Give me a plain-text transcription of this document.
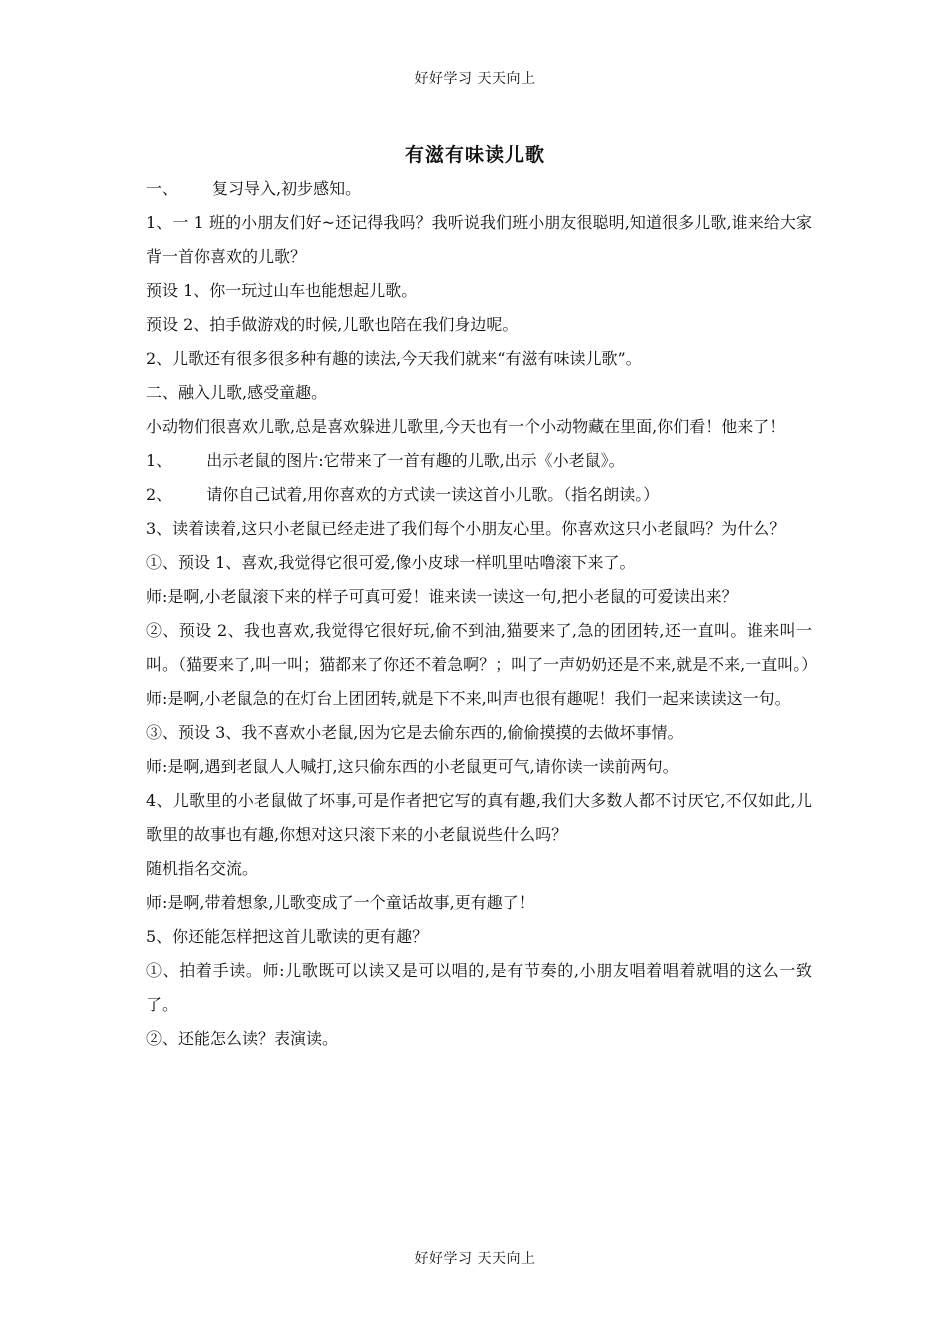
好好学习 天天向上
有滋有味读儿歌

一、 复习导入,初步感知。

1、一 1 班的小朋友们好~还记得我吗？我听说我们班小朋友很聪明,知道很多儿歌,谁来给大家背一首你喜欢的儿歌？

预设 1、你一玩过山车也能想起儿歌。

预设 2、拍手做游戏的时候,儿歌也陪在我们身边呢。

2、儿歌还有很多很多种有趣的读法,今天我们就来“有滋有味读儿歌”。

二、融入儿歌,感受童趣。

小动物们很喜欢儿歌,总是喜欢躲进儿歌里,今天也有一个小动物藏在里面,你们看！他来了！

1、 出示老鼠的图片:它带来了一首有趣的儿歌,出示《小老鼠》。

2、 请你自己试着,用你喜欢的方式读一读这首小儿歌。（指名朗读。）

3、读着读着,这只小老鼠已经走进了我们每个小朋友心里。你喜欢这只小老鼠吗？为什么？

①、预设 1、喜欢,我觉得它很可爱,像小皮球一样叽里咕噜滚下来了。

师:是啊,小老鼠滚下来的样子可真可爱！谁来读一读这一句,把小老鼠的可爱读出来？

②、预设 2、我也喜欢,我觉得它很好玩,偷不到油,猫要来了,急的团团转,还一直叫。谁来叫一叫。（猫要来了,叫一叫；猫都来了你还不着急啊？；叫了一声奶奶还是不来,就是不来,一直叫。）

师:是啊,小老鼠急的在灯台上团团转,就是下不来,叫声也很有趣呢！我们一起来读读这一句。

③、预设 3、我不喜欢小老鼠,因为它是去偷东西的,偷偷摸摸的去做坏事情。

师:是啊,遇到老鼠人人喊打,这只偷东西的小老鼠更可气,请你读一读前两句。

4、儿歌里的小老鼠做了坏事,可是作者把它写的真有趣,我们大多数人都不讨厌它,不仅如此,儿歌里的故事也有趣,你想对这只滚下来的小老鼠说些什么吗？

随机指名交流。

师:是啊,带着想象,儿歌变成了一个童话故事,更有趣了！

5、你还能怎样把这首儿歌读的更有趣？

①、拍着手读。师:儿歌既可以读又是可以唱的,是有节奏的,小朋友唱着唱着就唱的这么一致了。

②、还能怎么读？表演读。

好好学习 天天向上
